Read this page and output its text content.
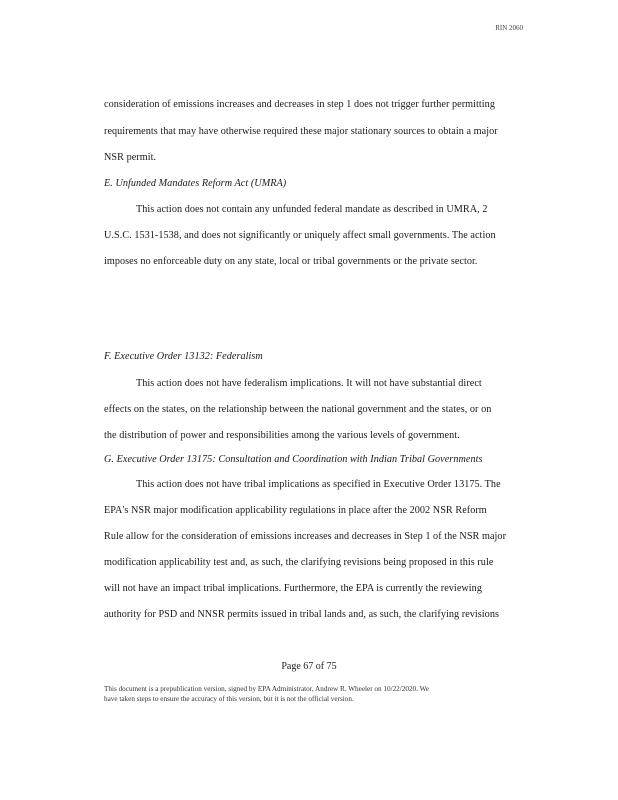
RIN 2060
consideration of emissions increases and decreases in step 1 does not trigger further permitting
requirements that may have otherwise required these major stationary sources to obtain a major
NSR permit.
E. Unfunded Mandates Reform Act (UMRA)
This action does not contain any unfunded federal mandate as described in UMRA, 2
U.S.C. 1531-1538, and does not significantly or uniquely affect small governments. The action
imposes no enforceable duty on any state, local or tribal governments or the private sector.
F. Executive Order 13132: Federalism
This action does not have federalism implications. It will not have substantial direct
effects on the states, on the relationship between the national government and the states, or on
the distribution of power and responsibilities among the various levels of government.
G. Executive Order 13175: Consultation and Coordination with Indian Tribal Governments
This action does not have tribal implications as specified in Executive Order 13175. The
EPA's NSR major modification applicability regulations in place after the 2002 NSR Reform
Rule allow for the consideration of emissions increases and decreases in Step 1 of the NSR major
modification applicability test and, as such, the clarifying revisions being proposed in this rule
will not have an impact tribal implications. Furthermore, the EPA is currently the reviewing
authority for PSD and NNSR permits issued in tribal lands and, as such, the clarifying revisions
Page 67 of 75
This document is a prepublication version, signed by EPA Administrator, Andrew R. Wheeler on 10/22/2020. We
have taken steps to ensure the accuracy of this version, but it is not the official version.
